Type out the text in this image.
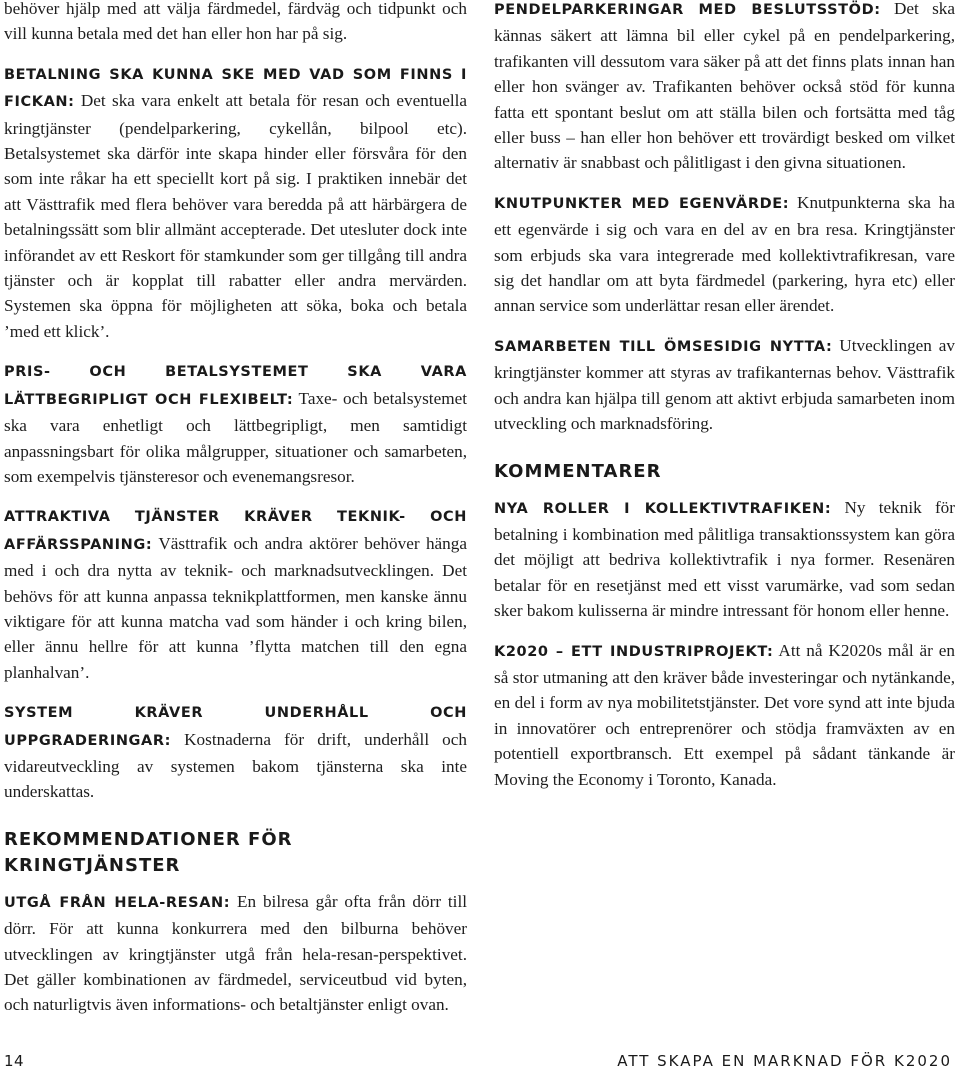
behöver hjälp med att välja färdmedel, färdväg och tidpunkt och vill kunna betala med det han eller hon har på sig.

BETALNING SKA KUNNA SKE MED VAD SOM FINNS I FICKAN: Det ska vara enkelt att betala för resan och eventuella kringtjänster (pendelparkering, cykellån, bilpool etc). Betalsystemet ska därför inte skapa hinder eller försvåra för den som inte råkar ha ett speciellt kort på sig. I praktiken innebär det att Västtrafik med flera behöver vara beredda på att härbärgera de betalningssätt som blir allmänt accepterade. Det utesluter dock inte införandet av ett Reskort för stamkunder som ger tillgång till andra tjänster och är kopplat till rabatter eller andra mervärden. Systemen ska öppna för möjligheten att söka, boka och betala ’med ett klick’.

PRIS- OCH BETALSYSTEMET SKA VARA LÄTTBEGRIPLIGT OCH FLEXIBELT: Taxe- och betalsystemet ska vara enhetligt och lättbegripligt, men samtidigt anpassningsbart för olika målgrupper, situationer och samarbeten, som exempelvis tjänsteresor och evenemangsresor.

ATTRAKTIVA TJÄNSTER KRÄVER TEKNIK- OCH AFFÄRSSPANING: Västtrafik och andra aktörer behöver hänga med i och dra nytta av teknik- och marknadsutvecklingen. Det behövs för att kunna anpassa teknikplattformen, men kanske ännu viktigare för att kunna matcha vad som händer i och kring bilen, eller ännu hellre för att kunna ’flytta matchen till den egna planhalvan’.

SYSTEM KRÄVER UNDERHÅLL OCH UPPGRADERINGAR: Kostnaderna för drift, underhåll och vidareutveckling av systemen bakom tjänsterna ska inte underskattas.

REKOMMENDATIONER FÖR KRINGTJÄNSTER

UTGÅ FRÅN HELA-RESAN: En bilresa går ofta från dörr till dörr. För att kunna konkurrera med den bilburna behöver utvecklingen av kringtjänster utgå från hela-resan-perspektivet. Det gäller kombinationen av färdmedel, serviceutbud vid byten, och naturligtvis även informations- och betaltjänster enligt ovan.

PENDELPARKERINGAR MED BESLUTSSTÖD: Det ska kännas säkert att lämna bil eller cykel på en pendelparkering, trafikanten vill dessutom vara säker på att det finns plats innan han eller hon svänger av. Trafikanten behöver också stöd för kunna fatta ett spontant beslut om att ställa bilen och fortsätta med tåg eller buss – han eller hon behöver ett trovärdigt besked om vilket alternativ är snabbast och pålitligast i den givna situationen.

KNUTPUNKTER MED EGENVÄRDE: Knutpunkterna ska ha ett egenvärde i sig och vara en del av en bra resa. Kringtjänster som erbjuds ska vara integrerade med kollektivtrafikresan, vare sig det handlar om att byta färdmedel (parkering, hyra etc) eller annan service som underlättar resan eller ärendet.

SAMARBETEN TILL ÖMSESIDIG NYTTA: Utvecklingen av kringtjänster kommer att styras av trafikanternas behov. Västtrafik och andra kan hjälpa till genom att aktivt erbjuda samarbeten inom utveckling och marknadsföring.

KOMMENTARER

NYA ROLLER I KOLLEKTIVTRAFIKEN: Ny teknik för betalning i kombination med pålitliga transaktionssystem kan göra det möjligt att bedriva kollektivtrafik i nya former. Resenären betalar för en resetjänst med ett visst varumärke, vad som sedan sker bakom kulisserna är mindre intressant för honom eller henne.

K2020 – ETT INDUSTRIPROJEKT: Att nå K2020s mål är en så stor utmaning att den kräver både investeringar och nytänkande, en del i form av nya mobilitetstjänster. Det vore synd att inte bjuda in innovatörer och entreprenörer och stödja framväxten av en potentiell exportbransch. Ett exempel på sådant tänkande är Moving the Economy i Toronto, Kanada.

14	ATT SKAPA EN MARKNAD FÖR K2020
